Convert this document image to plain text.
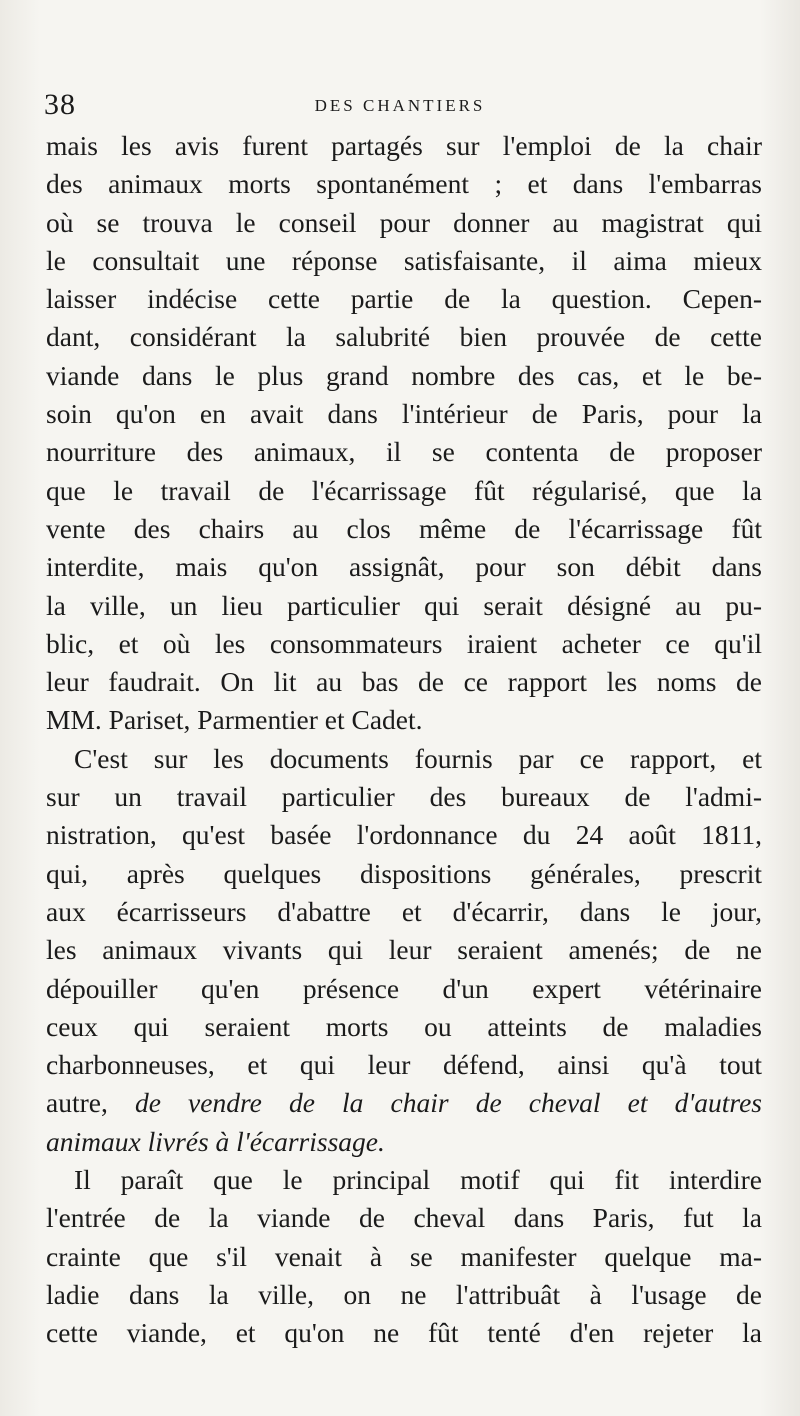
38	DES CHANTIERS
mais les avis furent partagés sur l'emploi de la chair
des animaux morts spontanément ; et dans l'embarras
où se trouva le conseil pour donner au magistrat qui
le consultait une réponse satisfaisante, il aima mieux
laisser indécise cette partie de la question. Cepen-
dant, considérant la salubrité bien prouvée de cette
viande dans le plus grand nombre des cas, et le be-
soin qu'on en avait dans l'intérieur de Paris, pour la
nourriture des animaux, il se contenta de proposer
que le travail de l'écarrissage fût régularisé, que la
vente des chairs au clos même de l'écarrissage fût
interdite, mais qu'on assignât, pour son débit dans
la ville, un lieu particulier qui serait désigné au pu-
blic, et où les consommateurs iraient acheter ce qu'il
leur faudrait. On lit au bas de ce rapport les noms de
MM. Pariset, Parmentier et Cadet.
C'est sur les documents fournis par ce rapport, et
sur un travail particulier des bureaux de l'admi-
nistration, qu'est basée l'ordonnance du 24 août 1811,
qui, après quelques dispositions générales, prescrit
aux écarrisseurs d'abattre et d'écarrir, dans le jour,
les animaux vivants qui leur seraient amenés; de ne
dépouiller qu'en présence d'un expert vétérinaire
ceux qui seraient morts ou atteints de maladies
charbonneuses, et qui leur défend, ainsi qu'à tout
autre, de vendre de la chair de cheval et d'autres
animaux livrés à l'écarrissage.
Il paraît que le principal motif qui fit interdire
l'entrée de la viande de cheval dans Paris, fut la
crainte que s'il venait à se manifester quelque ma-
ladie dans la ville, on ne l'attribuât à l'usage de
cette viande, et qu'on ne fût tenté d'en rejeter la
